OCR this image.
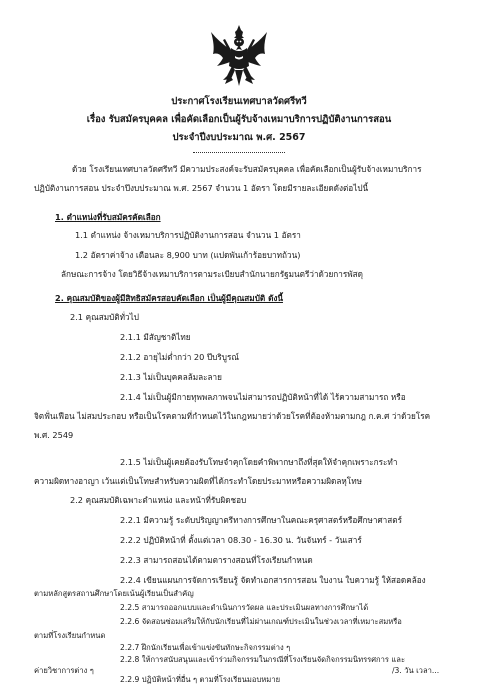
ประกาศโรงเรียนเทศบาลวัดศรีทวี
เรื่อง รับสมัครบุคคล เพื่อคัดเลือกเป็นผู้รับจ้างเหมาบริการปฏิบัติงานการสอน
ประจำปีงบประมาณ พ.ศ. 2567
ด้วย โรงเรียนเทศบาลวัดศรีทวี มีความประสงค์จะรับสมัครบุคคล เพื่อคัดเลือกเป็นผู้รับจ้างเหมาบริการ
ปฏิบัติงานการสอน ประจำปีงบประมาณ พ.ศ. 2567 จำนวน 1 อัตรา โดยมีรายละเอียดดังต่อไปนี้
1. ตำแหน่งที่รับสมัครคัดเลือก
1.1 ตำแหน่ง จ้างเหมาบริการปฏิบัติงานการสอน จำนวน 1 อัตรา
1.2 อัตราค่าจ้าง เดือนละ 8,900 บาท (แปดพันเก้าร้อยบาทถ้วน)
ลักษณะการจ้าง โดยวิธีจ้างเหมาบริการตามระเบียบสำนักนายกรัฐมนตรีว่าด้วยการพัสดุ
2. คุณสมบัติของผู้มีสิทธิสมัครสอบคัดเลือก เป็นผู้มีคุณสมบัติ ดังนี้
2.1 คุณสมบัติทั่วไป
2.1.1 มีสัญชาติไทย
2.1.2 อายุไม่ต่ำกว่า 20 ปีบริบูรณ์
2.1.3 ไม่เป็นบุคคลล้มละลาย
2.1.4 ไม่เป็นผู้มีกายทุพพลภาพจนไม่สามารถปฏิบัติหน้าที่ได้ ไร้ความสามารถ หรือ
จิตฟั่นเฟือน ไม่สมประกอบ หรือเป็นโรคตามที่กำหนดไว้ในกฎหมายว่าด้วยโรคที่ต้องห้ามตามกฎ ก.ค.ศ ว่าด้วยโรค
พ.ศ. 2549
2.1.5 ไม่เป็นผู้เคยต้องรับโทษจำคุกโดยคำพิพากษาถึงที่สุดให้จำคุกเพราะกระทำ
ความผิดทางอาญา เว้นแต่เป็นโทษสำหรับความผิดที่ได้กระทำโดยประมาทหรือความผิดลหุโทษ
2.2 คุณสมบัติเฉพาะตำแหน่ง และหน้าที่รับผิดชอบ
2.2.1 มีความรู้ ระดับปริญญาตรีทางการศึกษาในคณะครุศาสตร์หรือศึกษาศาสตร์
2.2.2 ปฏิบัติหน้าที่ ตั้งแต่เวลา 08.30 - 16.30 น. วันจันทร์ - วันเสาร์
2.2.3 สามารถสอนได้ตามตารางสอนที่โรงเรียนกำหนด
2.2.4 เขียนแผนการจัดการเรียนรู้ จัดทำเอกสารการสอน ใบงาน ใบความรู้ ให้สอดคล้อง
ตามหลักสูตรสถานศึกษาโดยเน้นผู้เรียนเป็นสำคัญ
2.2.5 สามารถออกแบบและดำเนินการวัดผล และประเมินผลทางการศึกษาได้
2.2.6 จัดสอนซ่อมเสริมให้กับนักเรียนที่ไม่ผ่านเกณฑ์ประเมินในช่วงเวลาที่เหมาะสมหรือ
ตามที่โรงเรียนกำหนด
2.2.7 ฝึกนักเรียนเพื่อเข้าแข่งขันทักษะกิจกรรมต่าง ๆ
2.2.8 ให้การสนับสนุนและเข้าร่วมกิจกรรมในกรณีที่โรงเรียนจัดกิจกรรมนิทรรศการ และ
ค่ายวิชาการต่าง ๆ
2.2.9 ปฏิบัติหน้าที่อื่น ๆ ตามที่โรงเรียนมอบหมาย
/3. วัน เวลา...
